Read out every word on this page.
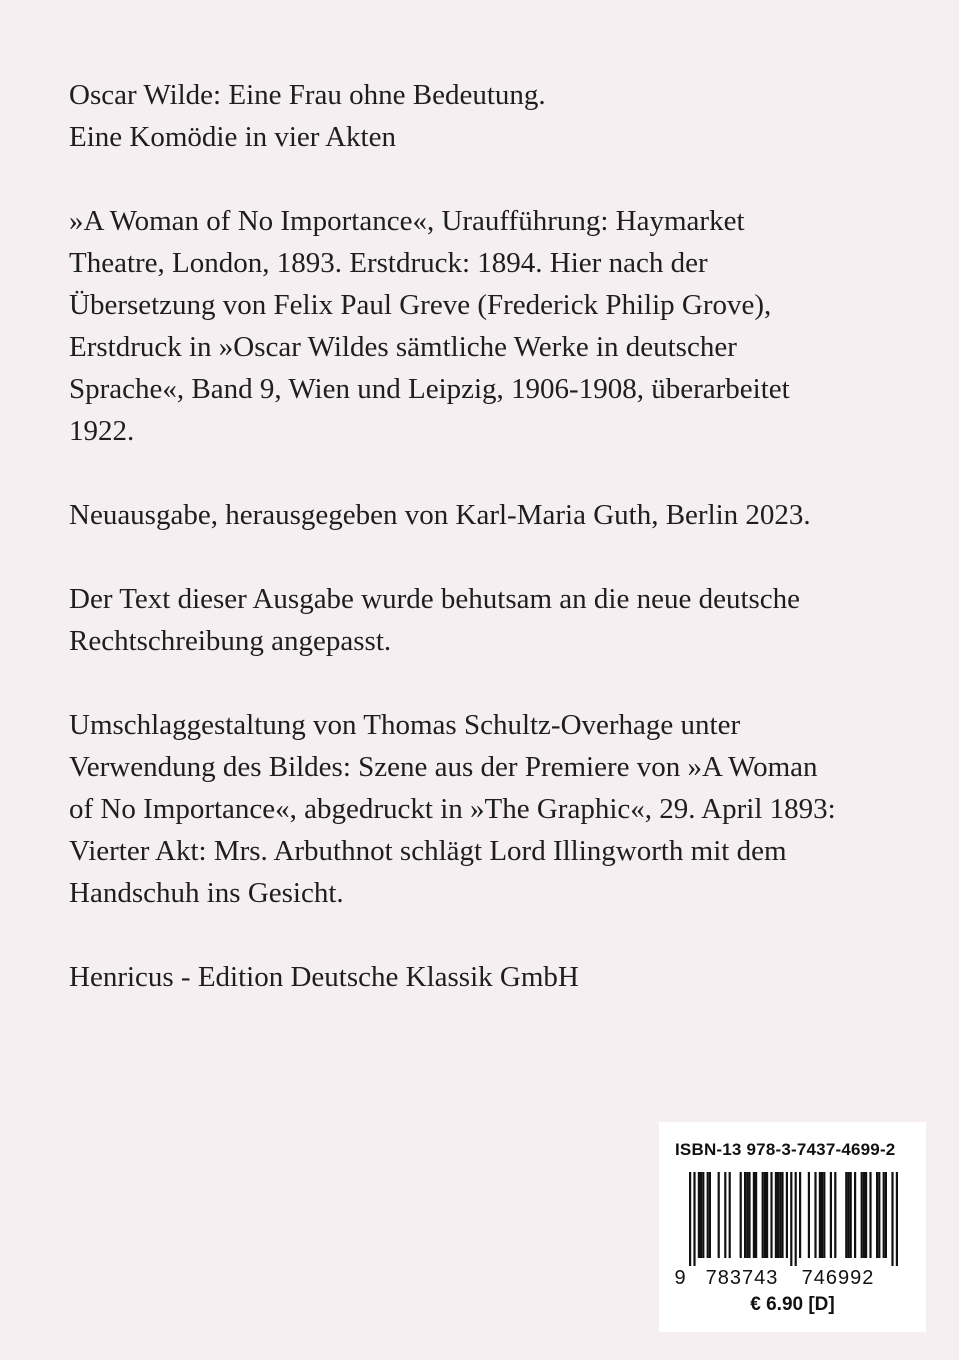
Oscar Wilde: Eine Frau ohne Bedeutung.
Eine Komödie in vier Akten

»A Woman of No Importance«, Uraufführung: Haymarket
Theatre, London, 1893. Erstdruck: 1894. Hier nach der
Übersetzung von Felix Paul Greve (Frederick Philip Grove),
Erstdruck in »Oscar Wildes sämtliche Werke in deutscher
Sprache«, Band 9, Wien und Leipzig, 1906-1908, überarbeitet
1922.

Neuausgabe, herausgegeben von Karl-Maria Guth, Berlin 2023.

Der Text dieser Ausgabe wurde behutsam an die neue deutsche
Rechtschreibung angepasst.

Umschlaggestaltung von Thomas Schultz-Overhage unter
Verwendung des Bildes: Szene aus der Premiere von »A Woman
of No Importance«, abgedruckt in »The Graphic«, 29. April 1893:
Vierter Akt: Mrs. Arbuthnot schlägt Lord Illingworth mit dem
Handschuh ins Gesicht.

Henricus - Edition Deutsche Klassik GmbH

ISBN-13 978-3-7437-4699-2
9 783743 746992
€ 6.90 [D]
